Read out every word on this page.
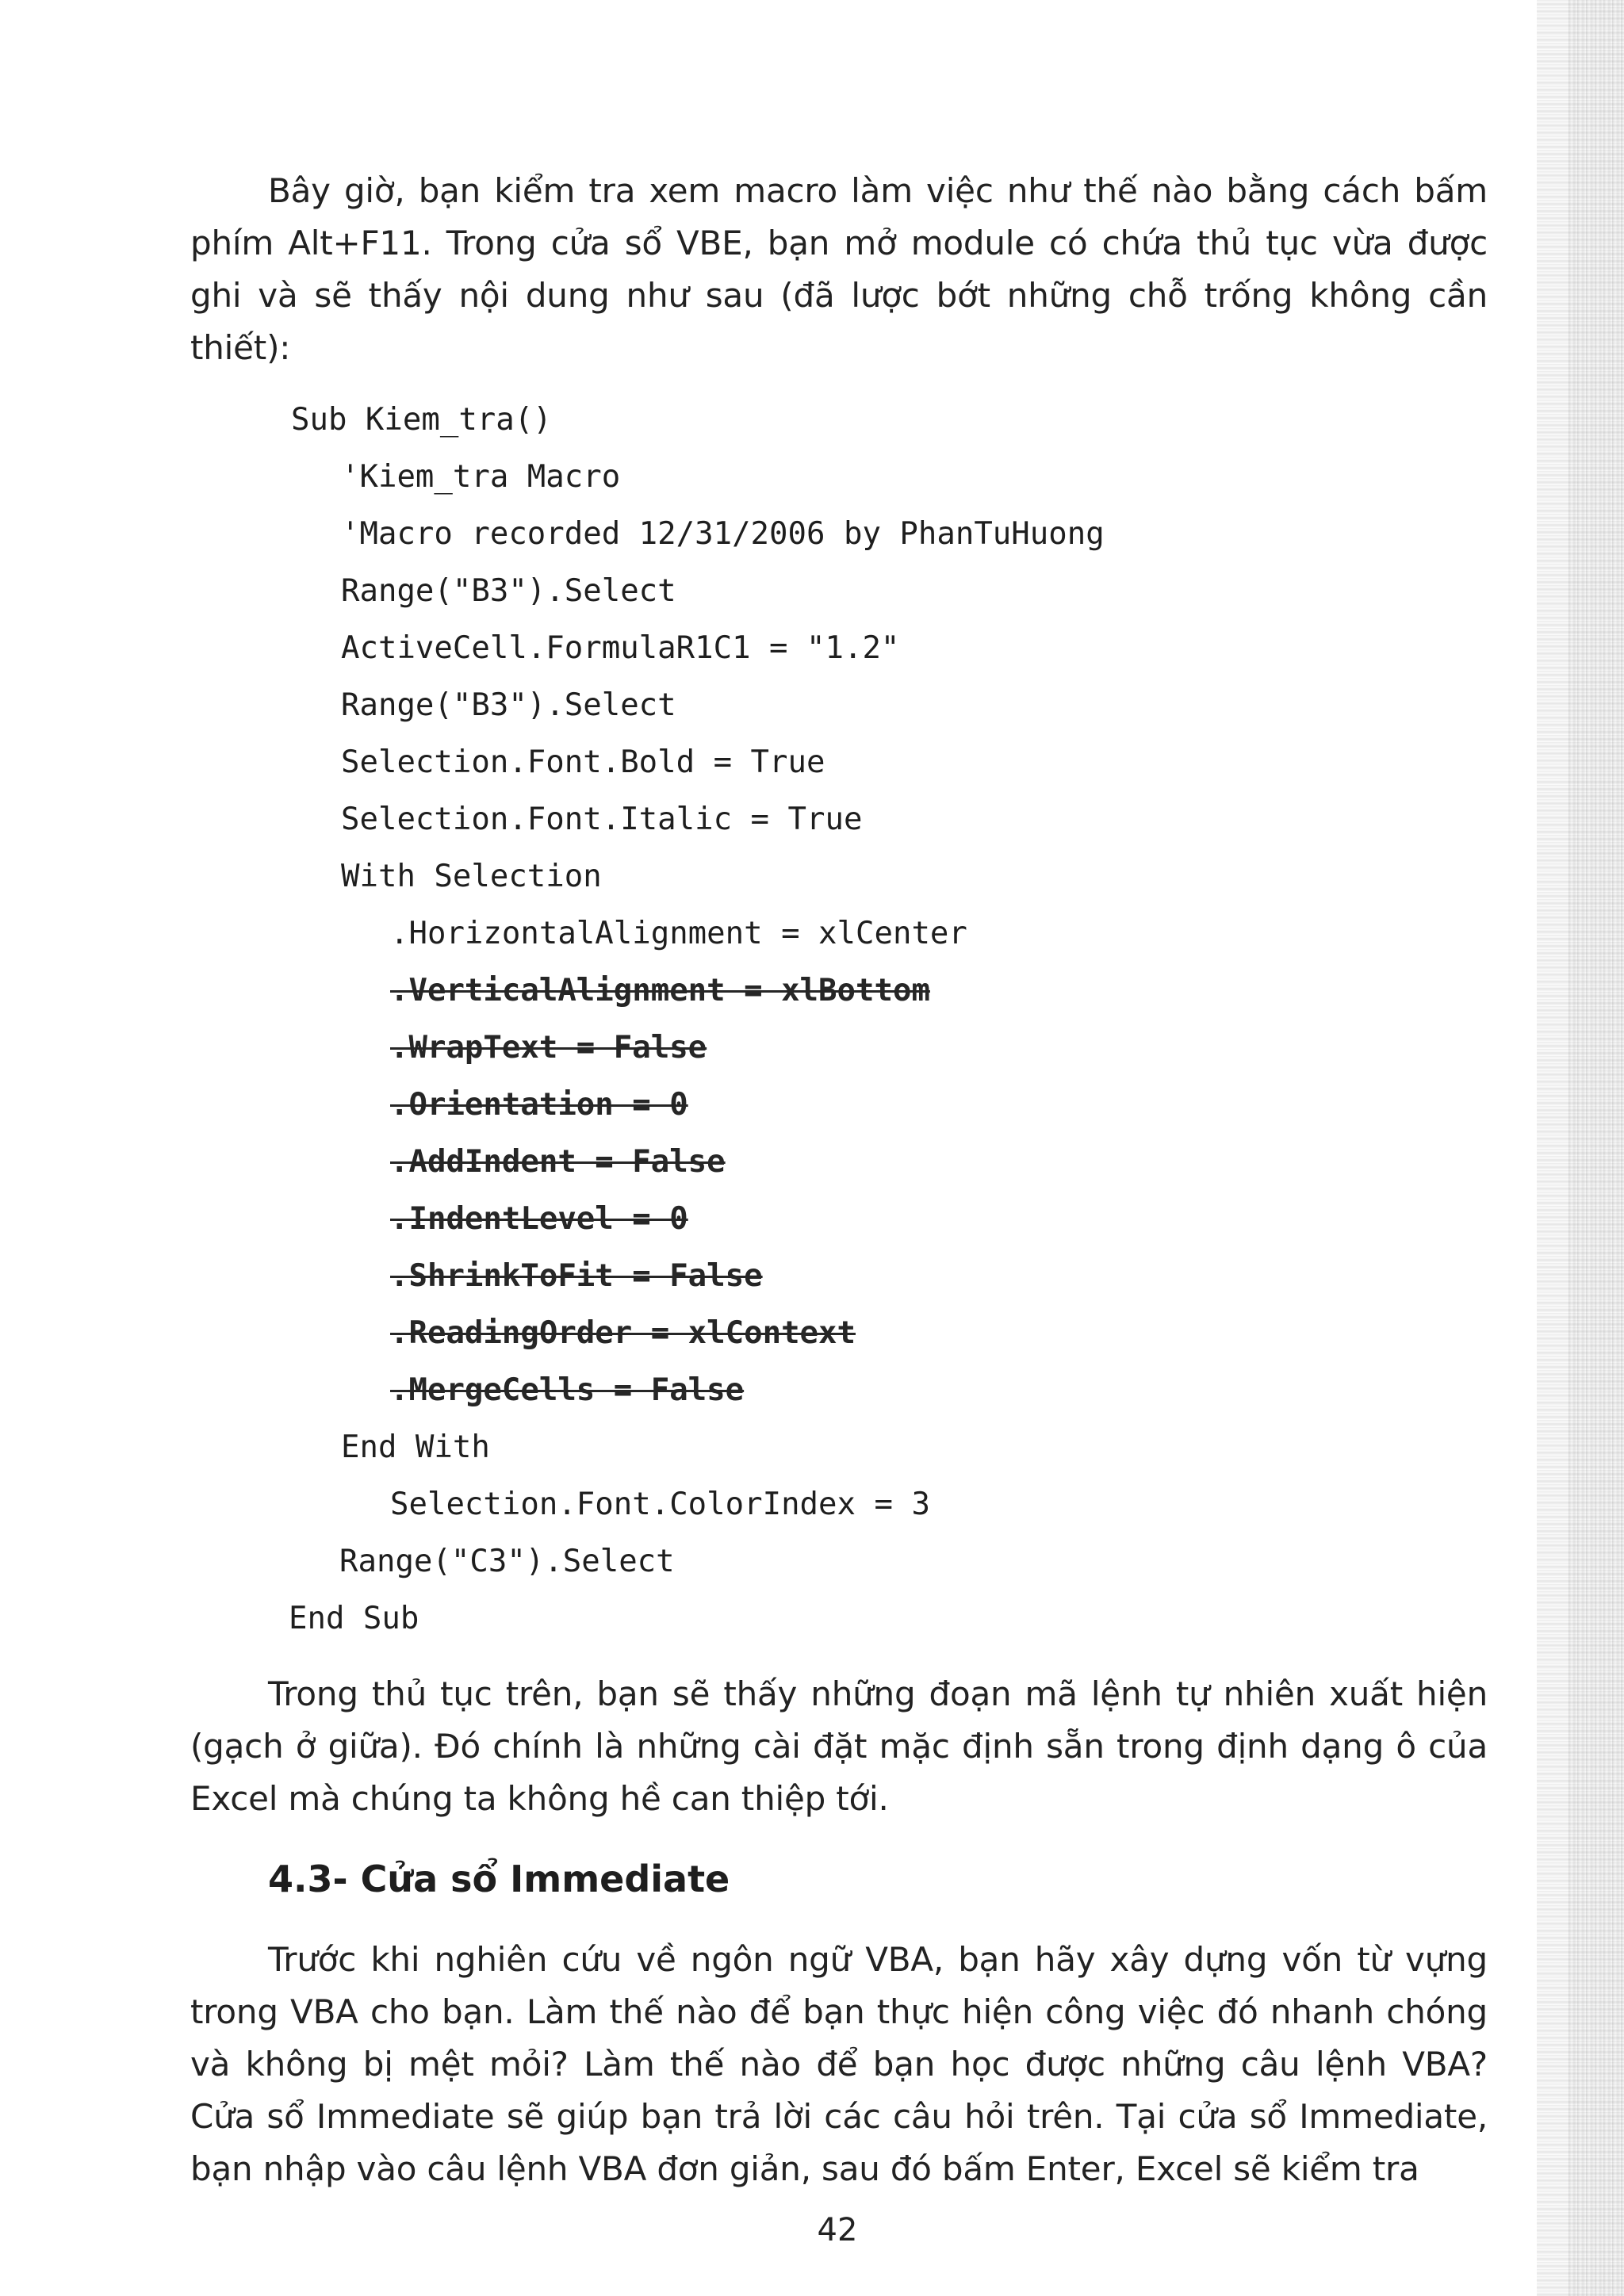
Bây giờ, bạn kiểm tra xem macro làm việc như thế nào bằng cách bấm phím Alt+F11. Trong cửa sổ VBE, bạn mở module có chứa thủ tục vừa được ghi và sẽ thấy nội dung như sau (đã lược bớt những chỗ trống không cần thiết):

Sub Kiem_tra()
'Kiem_tra Macro
'Macro recorded 12/31/2006 by PhanTuHuong
Range("B3").Select
ActiveCell.FormulaR1C1 = "1.2"
Range("B3").Select
Selection.Font.Bold = True
Selection.Font.Italic = True
With Selection
.HorizontalAlignment = xlCenter
.VerticalAlignment = xlBottom
.WrapText = False
.Orientation = 0
.AddIndent = False
.IndentLevel = 0
.ShrinkToFit = False
.ReadingOrder = xlContext
.MergeCells = False
End With
Selection.Font.ColorIndex = 3
Range("C3").Select
End Sub

Trong thủ tục trên, bạn sẽ thấy những đoạn mã lệnh tự nhiên xuất hiện (gạch ở giữa). Đó chính là những cài đặt mặc định sẵn trong định dạng ô của Excel mà chúng ta không hề can thiệp tới.

4.3- Cửa sổ Immediate

Trước khi nghiên cứu về ngôn ngữ VBA, bạn hãy xây dựng vốn từ vựng trong VBA cho bạn. Làm thế nào để bạn thực hiện công việc đó nhanh chóng và không bị mệt mỏi? Làm thế nào để bạn học được những câu lệnh VBA? Cửa sổ Immediate sẽ giúp bạn trả lời các câu hỏi trên. Tại cửa sổ Immediate, bạn nhập vào câu lệnh VBA đơn giản, sau đó bấm Enter, Excel sẽ kiểm tra

42
